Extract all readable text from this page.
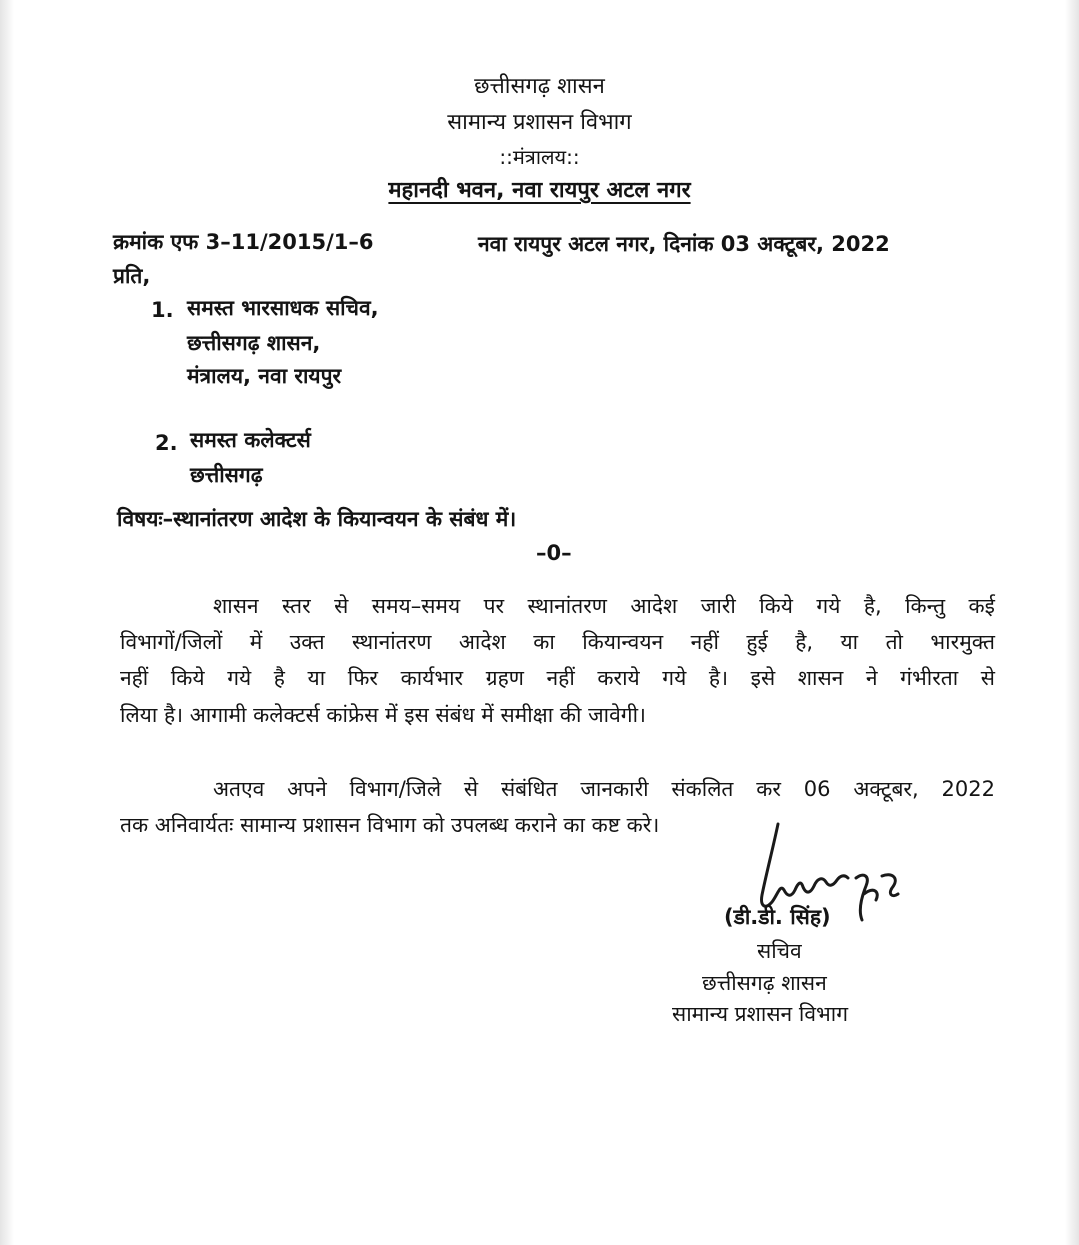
छत्तीसगढ़ शासन
सामान्य प्रशासन विभाग
::मंत्रालय::
महानदी भवन, नवा रायपुर अटल नगर
क्रमांक एफ 3–11/2015/1–6	नवा रायपुर अटल नगर, दिनांक 03 अक्टूबर, 2022
प्रति,
1. समस्त भारसाधक सचिव,
छत्तीसगढ़ शासन,
मंत्रालय, नवा रायपुर
2. समस्त कलेक्टर्स
छत्तीसगढ़
विषयः–स्थानांतरण आदेश के कियान्वयन के संबंध में।
–0–
शासन स्तर से समय–समय पर स्थानांतरण आदेश जारी किये गये है, किन्तु कई
विभागों/जिलों में उक्त स्थानांतरण आदेश का कियान्वयन नहीं हुई है, या तो भारमुक्त
नहीं किये गये है या फिर कार्यभार ग्रहण नहीं कराये गये है। इसे शासन ने गंभीरता से
लिया है। आगामी कलेक्टर्स कांफ्रेस में इस संबंध में समीक्षा की जावेगी।
अतएव अपने विभाग/जिले से संबंधित जानकारी संकलित कर 06 अक्टूबर, 2022
तक अनिवार्यतः सामान्य प्रशासन विभाग को उपलब्ध कराने का कष्ट करे।
(डी.डी. सिंह)
सचिव
छत्तीसगढ़ शासन
सामान्य प्रशासन विभाग
